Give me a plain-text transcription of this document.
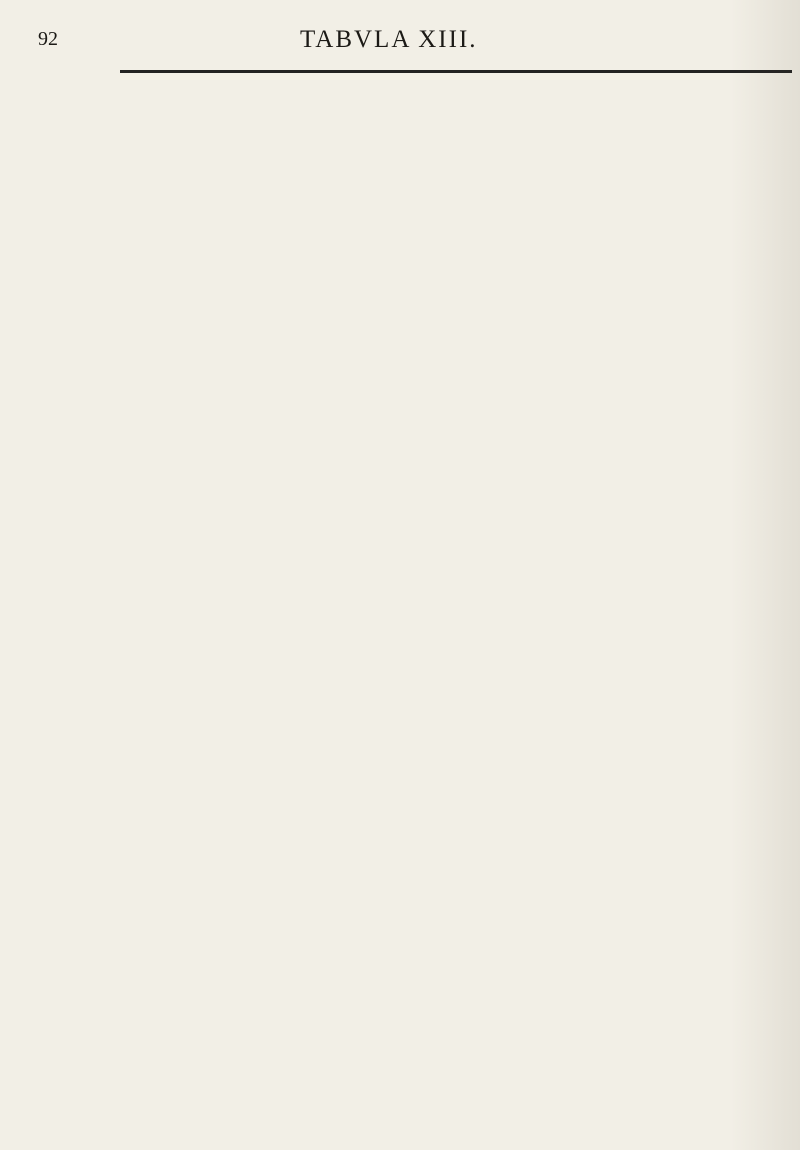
92	TABVLA XIII.
